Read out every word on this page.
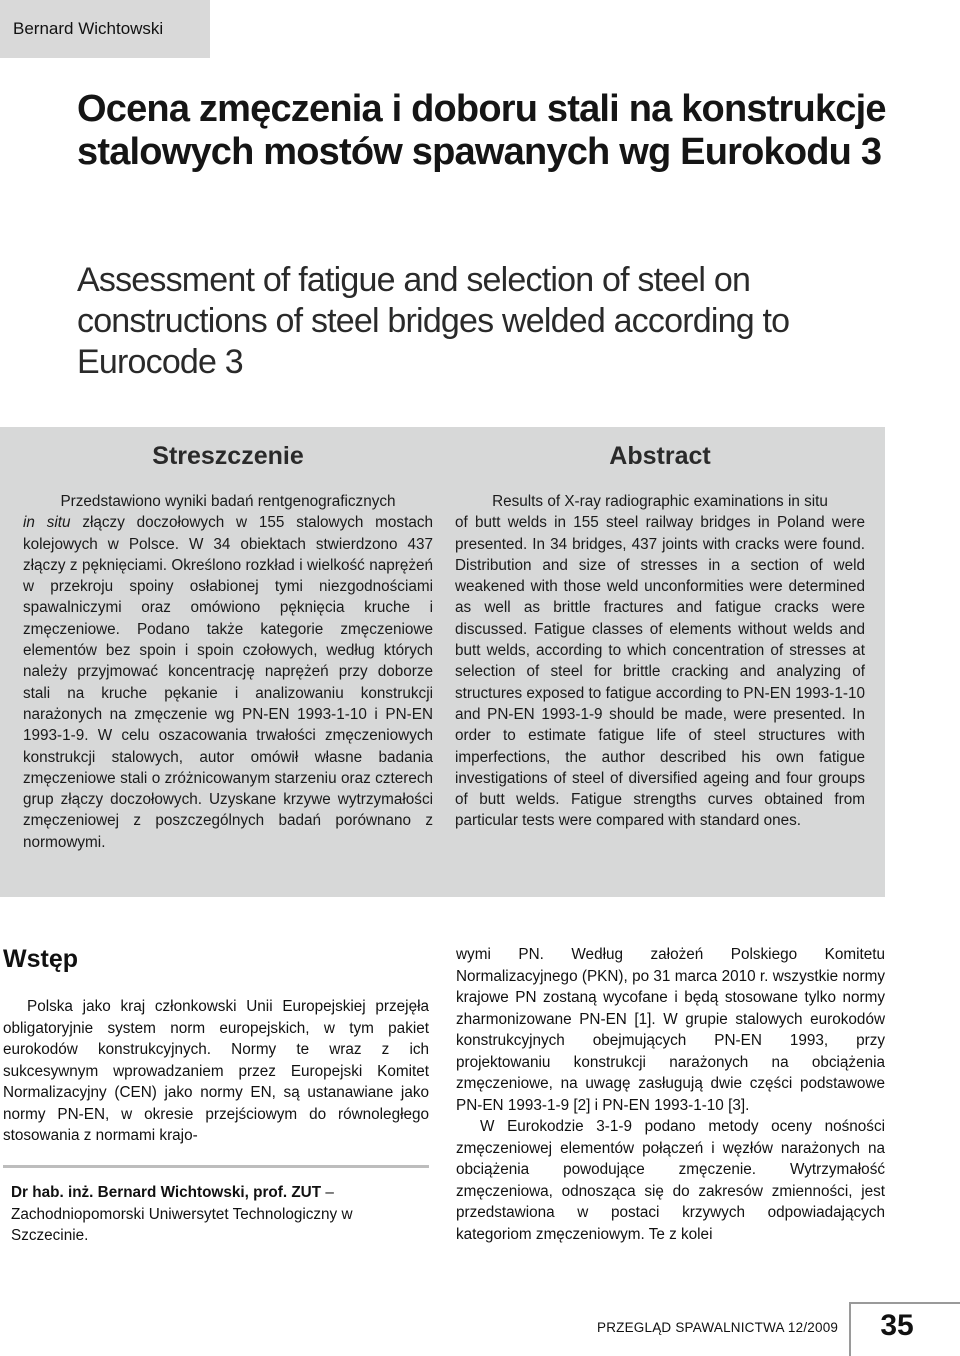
Bernard Wichtowski
Ocena zmęczenia i doboru stali na konstrukcje stalowych mostów spawanych wg Eurokodu 3
Assessment of fatigue and selection of steel on constructions of steel bridges welded according to Eurocode 3
Streszczenie

Przedstawiono wyniki badań rentgenograficznych
in situ złączy doczołowych w 155 stalowych mostach kolejowych w Polsce. W 34 obiektach stwierdzono 437 złączy z pęknięciami. Określono rozkład i wielkość naprężeń w przekroju spoiny osłabionej tymi niezgodnościami spawalniczymi oraz omówiono pęknięcia kruche i zmęczeniowe. Podano także kategorie zmęczeniowe elementów bez spoin i spoin czołowych, według których należy przyjmować koncentrację naprężeń przy doborze stali na kruche pękanie i analizowaniu konstrukcji narażonych na zmęczenie wg PN-EN 1993-1-10 i PN-EN 1993-1-9. W celu oszacowania trwałości zmęczeniowych konstrukcji stalowych, autor omówił własne badania zmęczeniowe stali o zróżnicowanym starzeniu oraz czterech grup złączy doczołowych. Uzyskane krzywe wytrzymałości zmęczeniowej z poszczególnych badań porównano z normowymi.

Abstract

Results of X-ray radiographic examinations in situ
of butt welds in 155 steel railway bridges in Poland were presented. In 34 bridges, 437 joints with cracks were found. Distribution and size of stresses in a section of weld weakened with those weld unconformities were determined as well as brittle fractures and fatigue cracks were discussed. Fatigue classes of elements without welds and butt welds, according to which concentration of stresses at selection of steel for brittle cracking and analyzing of structures exposed to fatigue according to PN-EN 1993-1-10 and PN-EN 1993-1-9 should be made, were presented. In order to estimate fatigue life of steel structures with imperfections, the author described his own fatigue investigations of steel of diversified ageing and four groups of butt welds. Fatigue strengths curves obtained from particular tests were compared with standard ones.

Wstęp

Polska jako kraj członkowski Unii Europejskiej przejęła obligatoryjnie system norm europejskich, w tym pakiet eurokodów konstrukcyjnych. Normy te wraz z ich sukcesywnym wprowadzaniem przez Europejski Komitet Normalizacyjny (CEN) jako normy EN, są ustanawiane jako normy PN-EN, w okresie przejściowym do równoległego stosowania z normami krajo-

Dr hab. inż. Bernard Wichtowski, prof. ZUT – Zachodniopomorski Uniwersytet Technologiczny w Szczecinie.

wymi PN. Według założeń Polskiego Komitetu Normalizacyjnego (PKN), po 31 marca 2010 r. wszystkie normy krajowe PN zostaną wycofane i będą stosowane tylko normy zharmonizowane PN-EN [1]. W grupie stalowych eurokodów konstrukcyjnych obejmujących PN-EN 1993, przy projektowaniu konstrukcji narażonych na obciążenia zmęczeniowe, na uwagę zasługują dwie części podstawowe PN-EN 1993-1-9 [2] i PN-EN 1993-1-10 [3].

W Eurokodzie 3-1-9 podano metody oceny nośności zmęczeniowej elementów połączeń i węzłów narażonych na obciążenia powodujące zmęczenie. Wytrzymałość zmęczeniowa, odnosząca się do zakresów zmienności, jest przedstawiona w postaci krzywych odpowiadających kategoriom zmęczeniowym. Te z kolei

PRZEGLĄD SPAWALNICTWA 12/2009	35
